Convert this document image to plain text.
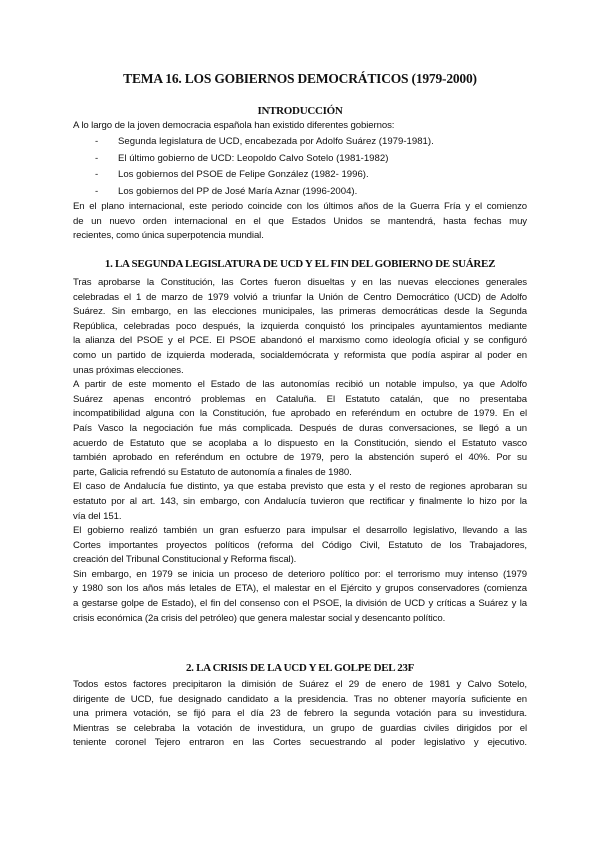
TEMA 16. LOS GOBIERNOS DEMOCRÁTICOS (1979-2000)
INTRODUCCIÓN
A lo largo de la joven democracia española han existido diferentes gobiernos:
- Segunda legislatura de UCD, encabezada por Adolfo Suárez (1979-1981).
- El último gobierno de UCD: Leopoldo Calvo Sotelo (1981-1982)
- Los gobiernos del PSOE de Felipe González (1982- 1996).
- Los gobiernos del PP de José María Aznar (1996-2004).
En el plano internacional, este periodo coincide con los últimos años de la Guerra Fría y el comienzo
de un nuevo orden internacional en el que Estados Unidos se mantendrá, hasta fechas muy
recientes, como única superpotencia mundial.
1. LA SEGUNDA LEGISLATURA DE UCD Y EL FIN DEL GOBIERNO DE SUÁREZ
Tras aprobarse la Constitución, las Cortes fueron disueltas y en las nuevas elecciones generales
celebradas el 1 de marzo de 1979 volvió a triunfar la Unión de Centro Democrático (UCD) de Adolfo
Suárez. Sin embargo, en las elecciones municipales, las primeras democráticas desde la Segunda
República, celebradas poco después, la izquierda conquistó los principales ayuntamientos mediante
la alianza del PSOE y el PCE. El PSOE abandonó el marxismo como ideología oficial y se configuró
como un partido de izquierda moderada, socialdemócrata y reformista que podía aspirar al poder en
unas próximas elecciones.
A partir de este momento el Estado de las autonomías recibió un notable impulso, ya que Adolfo
Suárez apenas encontró problemas en Cataluña. El Estatuto catalán, que no presentaba
incompatibilidad alguna con la Constitución, fue aprobado en referéndum en octubre de 1979. En el
País Vasco la negociación fue más complicada. Después de duras conversaciones, se llegó a un
acuerdo de Estatuto que se acoplaba a lo dispuesto en la Constitución, siendo el Estatuto vasco
también aprobado en referéndum en octubre de 1979, pero la abstención superó el 40%. Por su
parte, Galicia refrendó su Estatuto de autonomía a finales de 1980.
El caso de Andalucía fue distinto, ya que estaba previsto que esta y el resto de regiones aprobaran su
estatuto por al art. 143, sin embargo, con Andalucía tuvieron que rectificar y finalmente lo hizo por la
vía del 151.
El gobierno realizó también un gran esfuerzo para impulsar el desarrollo legislativo, llevando a las
Cortes importantes proyectos políticos (reforma del Código Civil, Estatuto de los Trabajadores,
creación del Tribunal Constitucional y Reforma fiscal).
Sin embargo, en 1979 se inicia un proceso de deterioro político por: el terrorismo muy intenso (1979
y 1980 son los años más letales de ETA), el malestar en el Ejército y grupos conservadores (comienza
a gestarse golpe de Estado), el fin del consenso con el PSOE, la división de UCD y críticas a Suárez y la
crisis económica (2a crisis del petróleo) que genera malestar social y desencanto político.
2. LA CRISIS DE LA UCD Y EL GOLPE DEL 23F
Todos estos factores precipitaron la dimisión de Suárez el 29 de enero de 1981 y Calvo Sotelo,
dirigente de UCD, fue designado candidato a la presidencia. Tras no obtener mayoría suficiente en
una primera votación, se fijó para el día 23 de febrero la segunda votación para su investidura.
Mientras se celebraba la votación de investidura, un grupo de guardias civiles dirigidos por el
teniente coronel Tejero entraron en las Cortes secuestrando al poder legislativo y ejecutivo.
